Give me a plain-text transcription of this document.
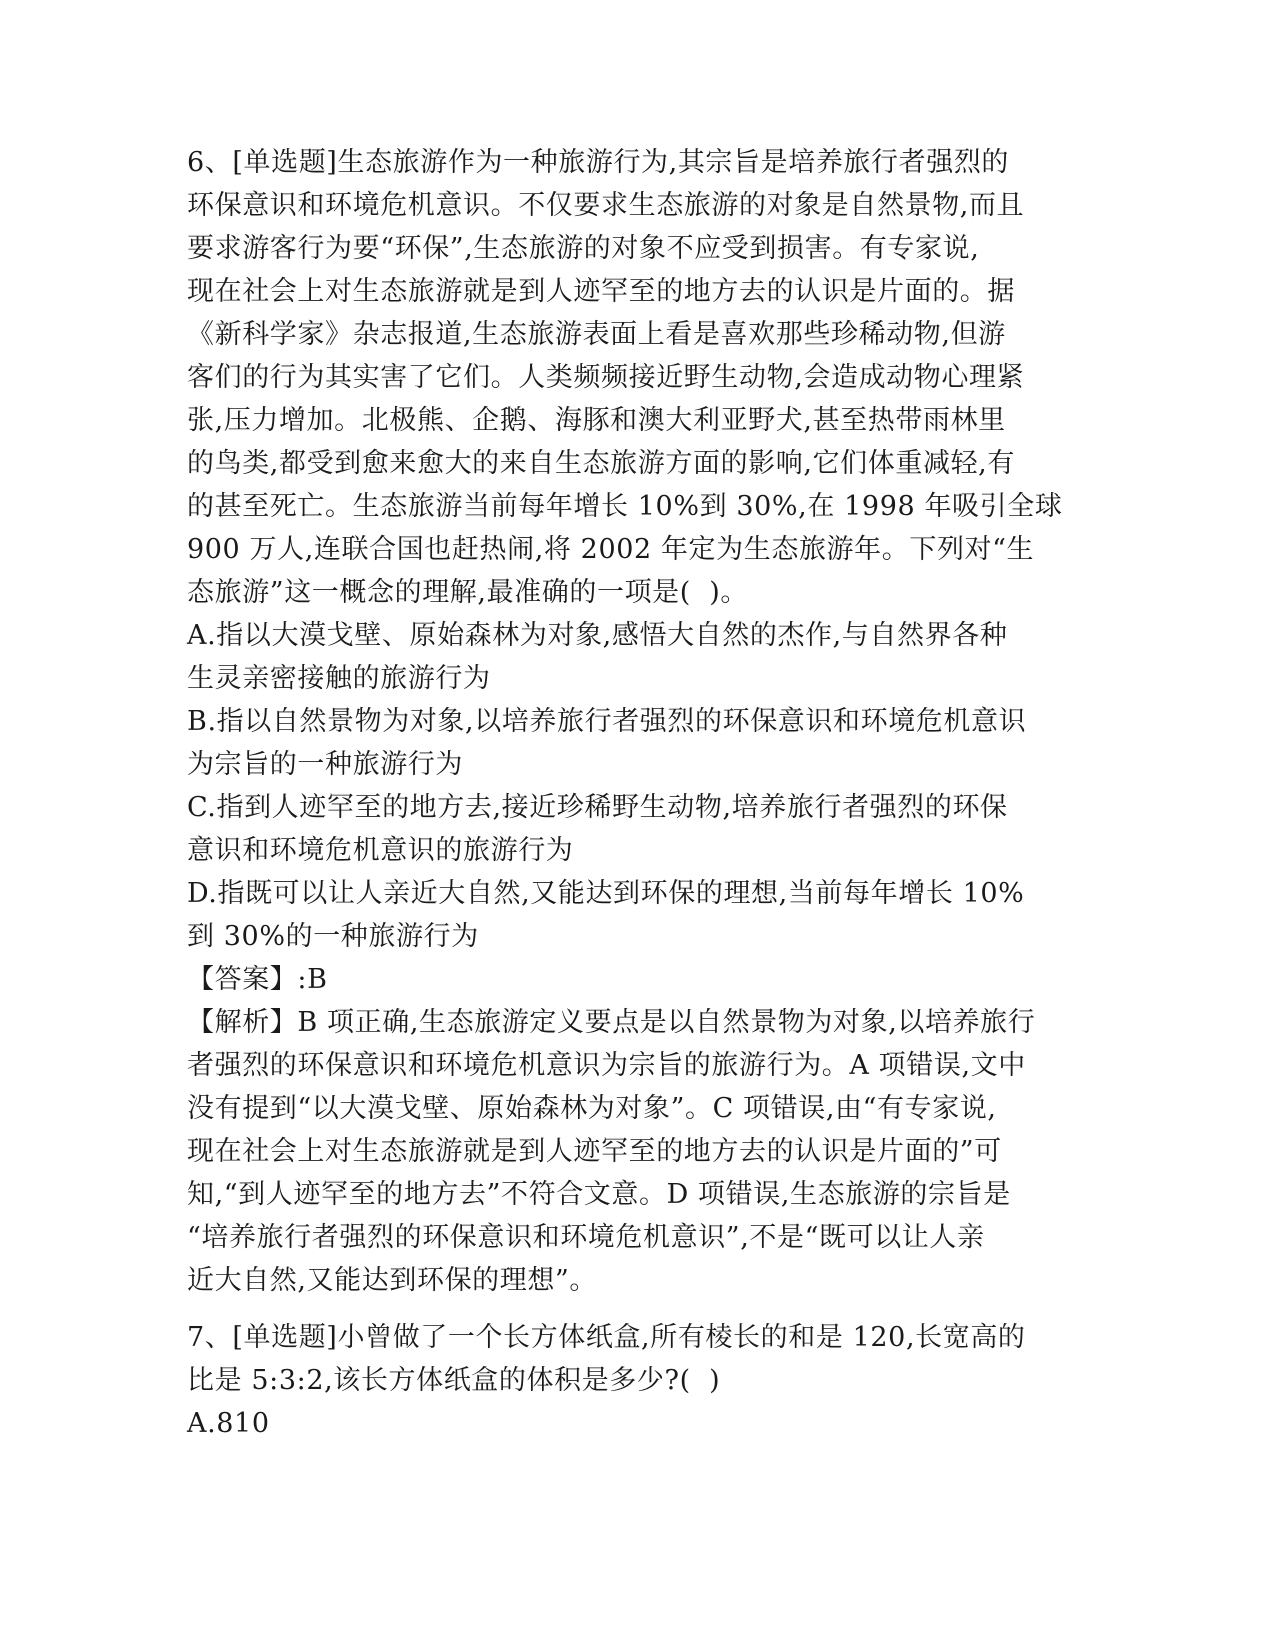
6、[单选题]生态旅游作为一种旅游行为,其宗旨是培养旅行者强烈的
环保意识和环境危机意识。不仅要求生态旅游的对象是自然景物,而且
要求游客行为要“环保”,生态旅游的对象不应受到损害。有专家说,
现在社会上对生态旅游就是到人迹罕至的地方去的认识是片面的。据
《新科学家》杂志报道,生态旅游表面上看是喜欢那些珍稀动物,但游
客们的行为其实害了它们。人类频频接近野生动物,会造成动物心理紧
张,压力增加。北极熊、企鹅、海豚和澳大利亚野犬,甚至热带雨林里
的鸟类,都受到愈来愈大的来自生态旅游方面的影响,它们体重减轻,有
的甚至死亡。生态旅游当前每年增长 10%到 30%,在 1998 年吸引全球
900 万人,连联合国也赶热闹,将 2002 年定为生态旅游年。下列对“生
态旅游”这一概念的理解,最准确的一项是(  )。
A.指以大漠戈壁、原始森林为对象,感悟大自然的杰作,与自然界各种
生灵亲密接触的旅游行为
B.指以自然景物为对象,以培养旅行者强烈的环保意识和环境危机意识
为宗旨的一种旅游行为
C.指到人迹罕至的地方去,接近珍稀野生动物,培养旅行者强烈的环保
意识和环境危机意识的旅游行为
D.指既可以让人亲近大自然,又能达到环保的理想,当前每年增长 10%
到 30%的一种旅游行为
【答案】:B
【解析】B 项正确,生态旅游定义要点是以自然景物为对象,以培养旅行
者强烈的环保意识和环境危机意识为宗旨的旅游行为。A 项错误,文中
没有提到“以大漠戈壁、原始森林为对象”。C 项错误,由“有专家说,
现在社会上对生态旅游就是到人迹罕至的地方去的认识是片面的”可
知,“到人迹罕至的地方去”不符合文意。D 项错误,生态旅游的宗旨是
“培养旅行者强烈的环保意识和环境危机意识”,不是“既可以让人亲
近大自然,又能达到环保的理想”。
7、[单选题]小曾做了一个长方体纸盒,所有棱长的和是 120,长宽高的
比是 5:3:2,该长方体纸盒的体积是多少?(  )
A.810
